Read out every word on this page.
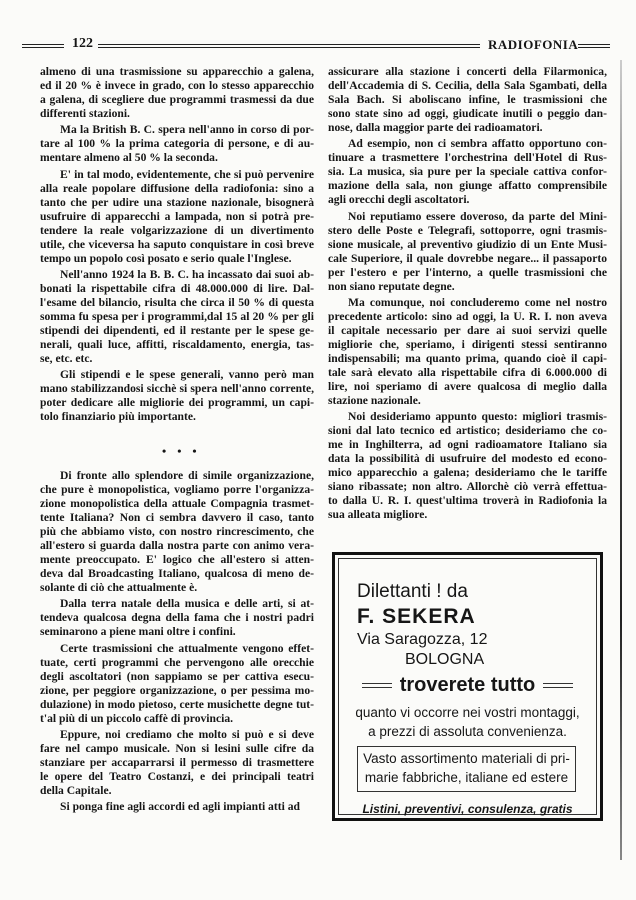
122	RADIOFONIA
almeno di una trasmissione su apparecchio a galena,
ed il 20 % è invece in grado, con lo stesso apparecchio
a galena, di scegliere due programmi trasmessi da due
differenti stazioni.
Ma la British B. C. spera nell'anno in corso di por-
tare al 100 % la prima categoria di persone, e di au-
mentare almeno al 50 % la seconda.
E' in tal modo, evidentemente, che si può pervenire
alla reale popolare diffusione della radiofonia: sino a
tanto che per udire una stazione nazionale, bisognerà
usufruire di apparecchi a lampada, non si potrà pre-
tendere la reale volgarizzazione di un divertimento
utile, che viceversa ha saputo conquistare in così breve
tempo un popolo così posato e serio quale l'Inglese.
Nell'anno 1924 la B. B. C. ha incassato dai suoi ab-
bonati la rispettabile cifra di 48.000.000 di lire. Dal-
l'esame del bilancio, risulta che circa il 50 % di questa
somma fu spesa per i programmi,dal 15 al 20 % per gli
stipendi dei dipendenti, ed il restante per le spese ge-
nerali, quali luce, affitti, riscaldamento, energia, tas-
se, etc. etc.
Gli stipendi e le spese generali, vanno però man
mano stabilizzandosi sicchè si spera nell'anno corrente,
poter dedicare alle migliorie dei programmi, un capi-
tolo finanziario più importante.
• • •
Di fronte allo splendore di simile organizzazione,
che pure è monopolistica, vogliamo porre l'organizza-
zione monopolistica della attuale Compagnia trasmet-
tente Italiana? Non ci sembra davvero il caso, tanto
più che abbiamo visto, con nostro rincrescimento, che
all'estero si guarda dalla nostra parte con animo vera-
mente preoccupato. E' logico che all'estero si atten-
deva dal Broadcasting Italiano, qualcosa di meno de-
solante di ciò che attualmente è.
Dalla terra natale della musica e delle arti, si at-
tendeva qualcosa degna della fama che i nostri padri
seminarono a piene mani oltre i confini.
Certe trasmissioni che attualmente vengono effet-
tuate, certi programmi che pervengono alle orecchie
degli ascoltatori (non sappiamo se per cattiva esecu-
zione, per peggiore organizzazione, o per pessima mo-
dulazione) in modo pietoso, certe musichette degne tut-
t'al più di un piccolo caffè di provincia.
Eppure, noi crediamo che molto si può e si deve
fare nel campo musicale. Non si lesini sulle cifre da
stanziare per accaparrarsi il permesso di trasmettere
le opere del Teatro Costanzi, e dei principali teatri
della Capitale.
Si ponga fine agli accordi ed agli impianti atti ad
assicurare alla stazione i concerti della Filarmonica,
dell'Accademia di S. Cecilia, della Sala Sgambati, della
Sala Bach. Si aboliscano infine, le trasmissioni che
sono state sino ad oggi, giudicate inutili o peggio dan-
nose, dalla maggior parte dei radioamatori.
Ad esempio, non ci sembra affatto opportuno con-
tinuare a trasmettere l'orchestrina dell'Hotel di Rus-
sia. La musica, sia pure per la speciale cattiva confor-
mazione della sala, non giunge affatto comprensibile
agli orecchi degli ascoltatori.
Noi reputiamo essere doveroso, da parte del Mini-
stero delle Poste e Telegrafi, sottoporre, ogni trasmis-
sione musicale, al preventivo giudizio di un Ente Musi-
cale Superiore, il quale dovrebbe negare... il passaporto
per l'estero e per l'interno, a quelle trasmissioni che
non siano reputate degne.
Ma comunque, noi concluderemo come nel nostro
precedente articolo: sino ad oggi, la U. R. I. non aveva
il capitale necessario per dare ai suoi servizi quelle
migliorie che, speriamo, i dirigenti stessi sentiranno
indispensabili; ma quanto prima, quando cioè il capi-
tale sarà elevato alla rispettabile cifra di 6.000.000 di
lire, noi speriamo di avere qualcosa di meglio dalla
stazione nazionale.
Noi desideriamo appunto questo: migliori trasmis-
sioni dal lato tecnico ed artistico; desideriamo che co-
me in Inghilterra, ad ogni radioamatore Italiano sia
data la possibilità di usufruire del modesto ed econo-
mico apparecchio a galena; desideriamo che le tariffe
siano ribassate; non altro. Allorchè ciò verrà effettua-
to dalla U. R. I. quest'ultima troverà in Radiofonia la
sua alleata migliore.
Dilettanti ! da
F. SEKERA
Via Saragozza, 12
BOLOGNA
troverete tutto
quanto vi occorre nei vostri montaggi,
a prezzi di assoluta convenienza.
Vasto assortimento materiali di pri-
marie fabbriche, italiane ed estere
Listini, preventivi, consulenza, gratis
